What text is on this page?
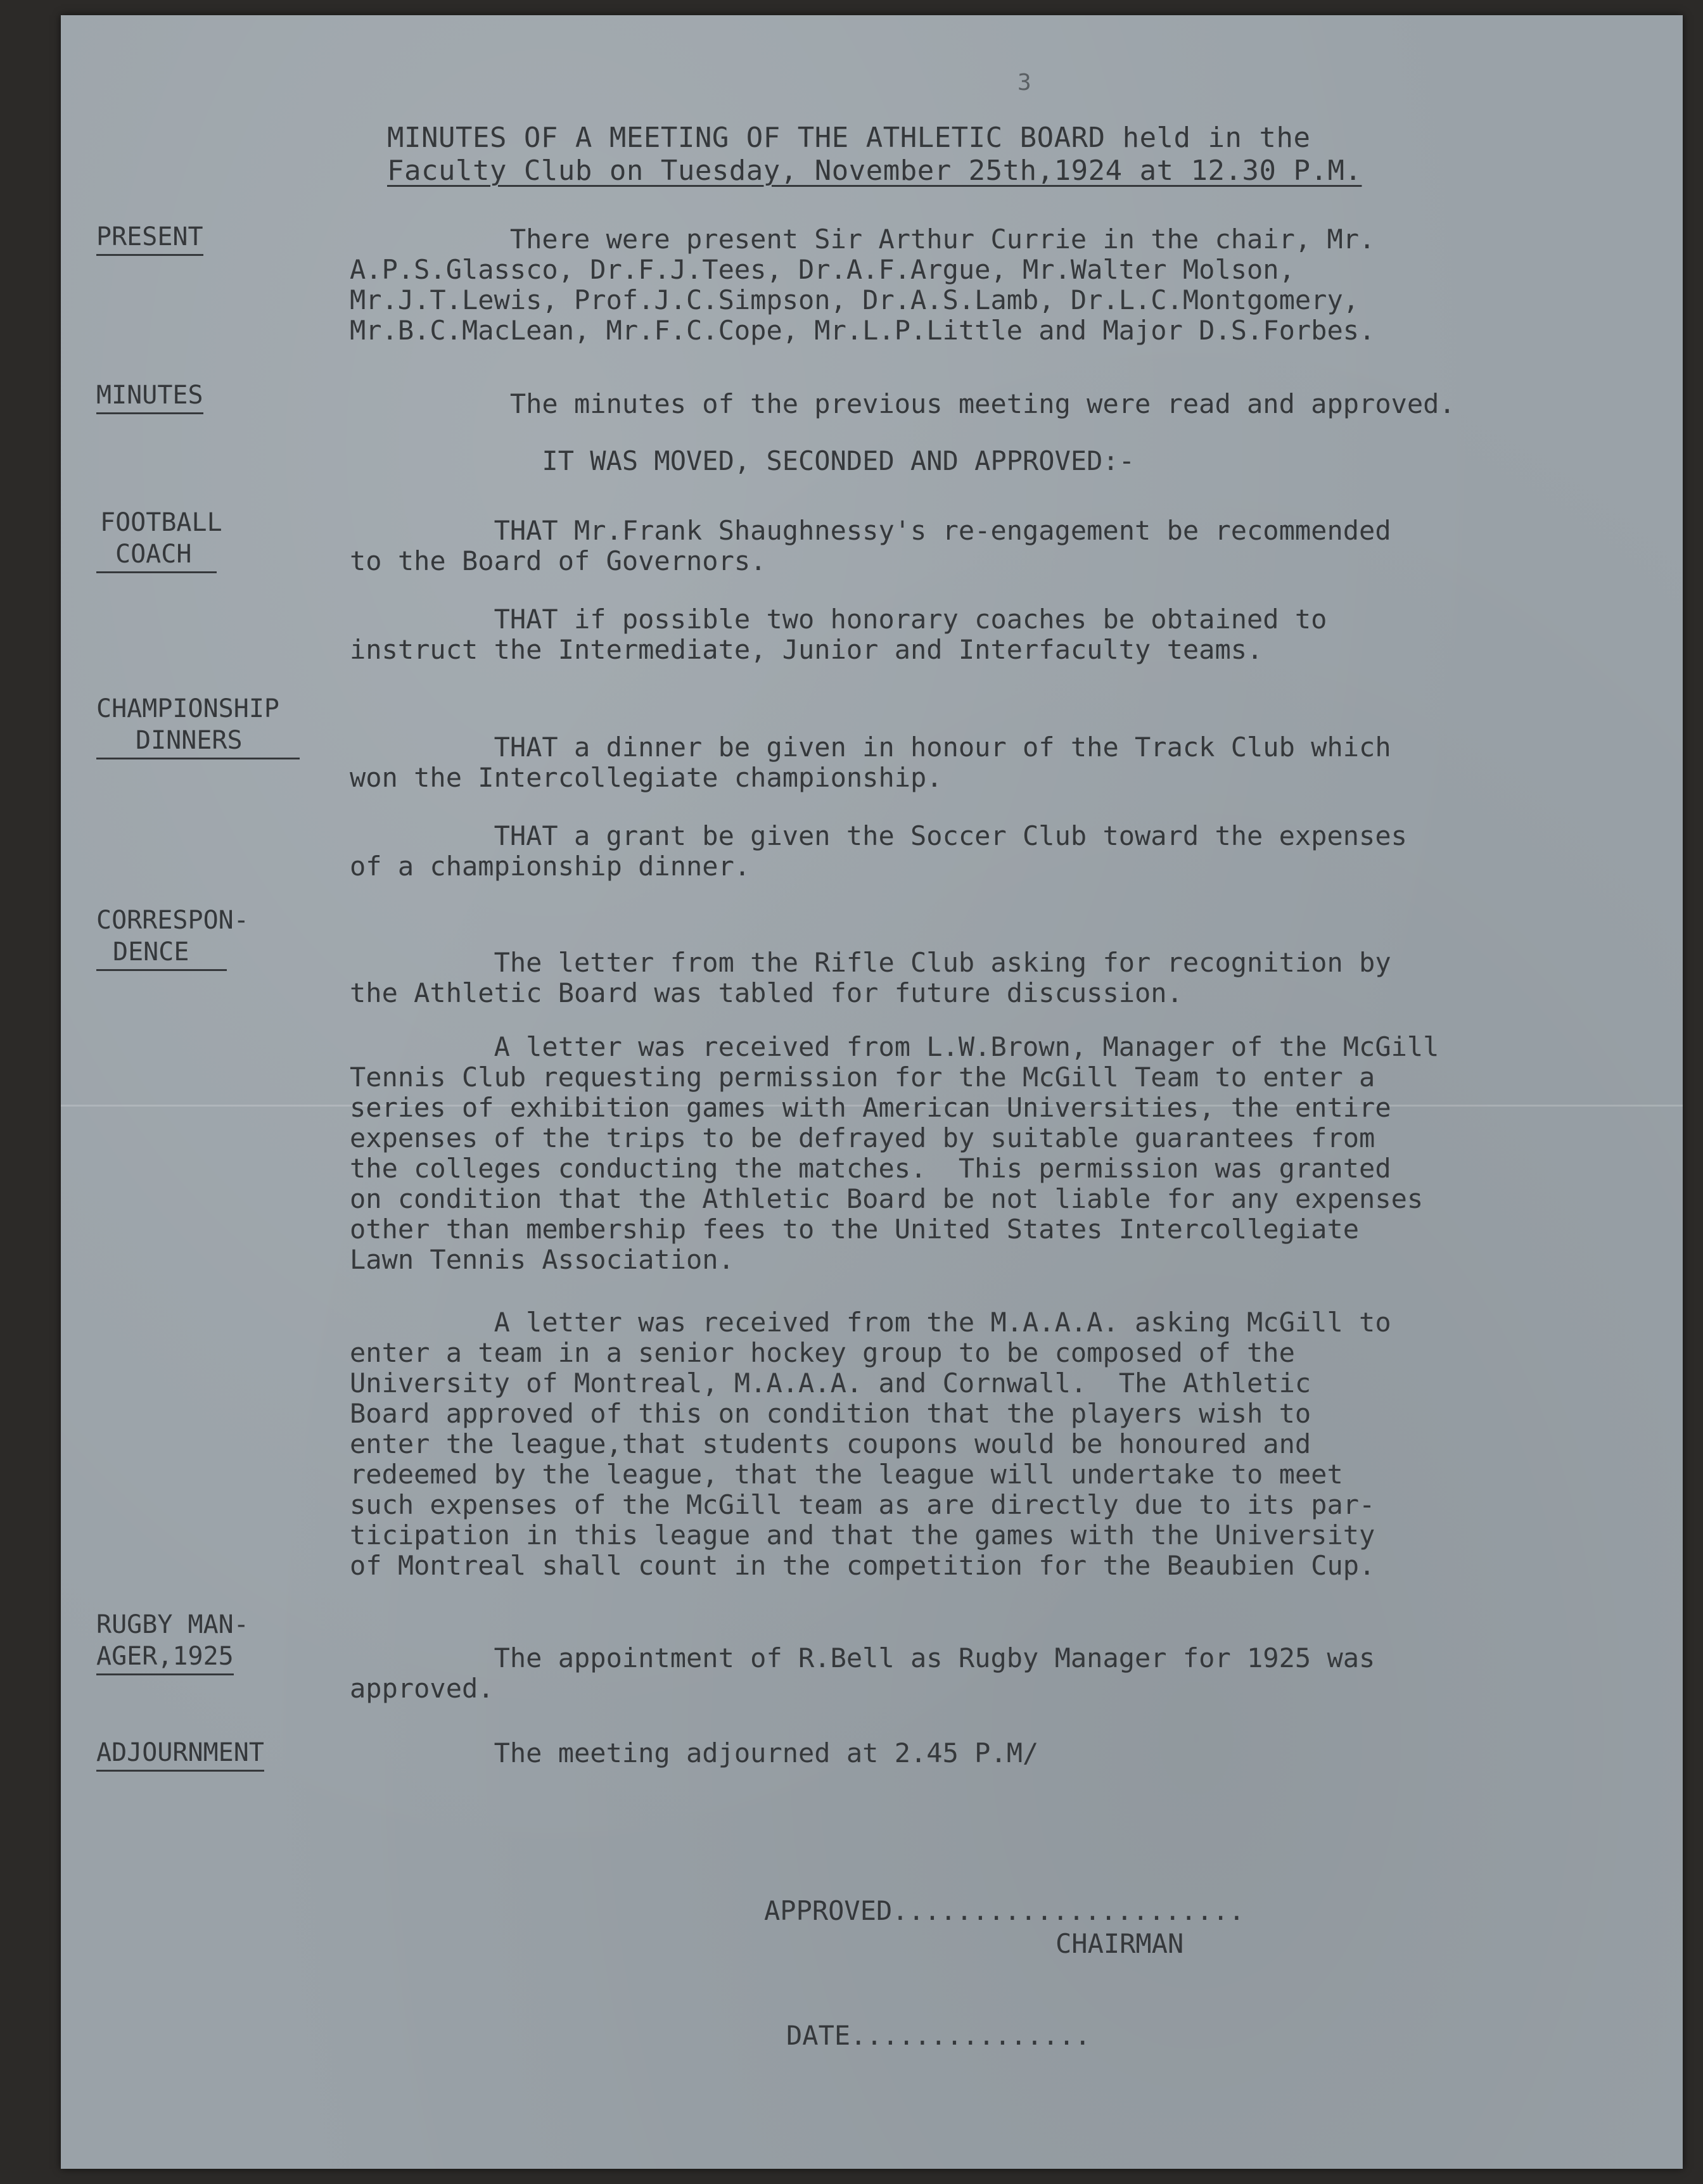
3
MINUTES OF A MEETING OF THE ATHLETIC BOARD held in the
Faculty Club on Tuesday, November 25th,1924 at 12.30 P.M.
PRESENT	There were present Sir Arthur Currie in the chair, Mr.
A.P.S.Glassco, Dr.F.J.Tees, Dr.A.F.Argue, Mr.Walter Molson,
Mr.J.T.Lewis, Prof.J.C.Simpson, Dr.A.S.Lamb, Dr.L.C.Montgomery,
Mr.B.C.MacLean, Mr.F.C.Cope, Mr.L.P.Little and Major D.S.Forbes.
MINUTES	The minutes of the previous meeting were read and approved.
IT WAS MOVED, SECONDED AND APPROVED:-
FOOTBALL
COACH
THAT Mr.Frank Shaughnessy's re-engagement be recommended
to the Board of Governors.
THAT if possible two honorary coaches be obtained to
instruct the Intermediate, Junior and Interfaculty teams.
CHAMPIONSHIP
DINNERS	THAT a dinner be given in honour of the Track Club which
won the Intercollegiate championship.
THAT a grant be given the Soccer Club toward the expenses
of a championship dinner.
CORRESPON-
DENCE	The letter from the Rifle Club asking for recognition by
the Athletic Board was tabled for future discussion.
A letter was received from L.W.Brown, Manager of the McGill
Tennis Club requesting permission for the McGill Team to enter a
series of exhibition games with American Universities, the entire
expenses of the trips to be defrayed by suitable guarantees from
the colleges conducting the matches.  This permission was granted
on condition that the Athletic Board be not liable for any expenses
other than membership fees to the United States Intercollegiate
Lawn Tennis Association.
A letter was received from the M.A.A.A. asking McGill to
enter a team in a senior hockey group to be composed of the
University of Montreal, M.A.A.A. and Cornwall.  The Athletic
Board approved of this on condition that the players wish to
enter the league,that students coupons would be honoured and
redeemed by the league, that the league will undertake to meet
such expenses of the McGill team as are directly due to its par-
ticipation in this league and that the games with the University
of Montreal shall count in the competition for the Beaubien Cup.
RUGBY MAN-
AGER,1925	The appointment of R.Bell as Rugby Manager for 1925 was
approved.
ADJOURNMENT	The meeting adjourned at 2.45 P.M/
APPROVED......................
CHAIRMAN
DATE...............
